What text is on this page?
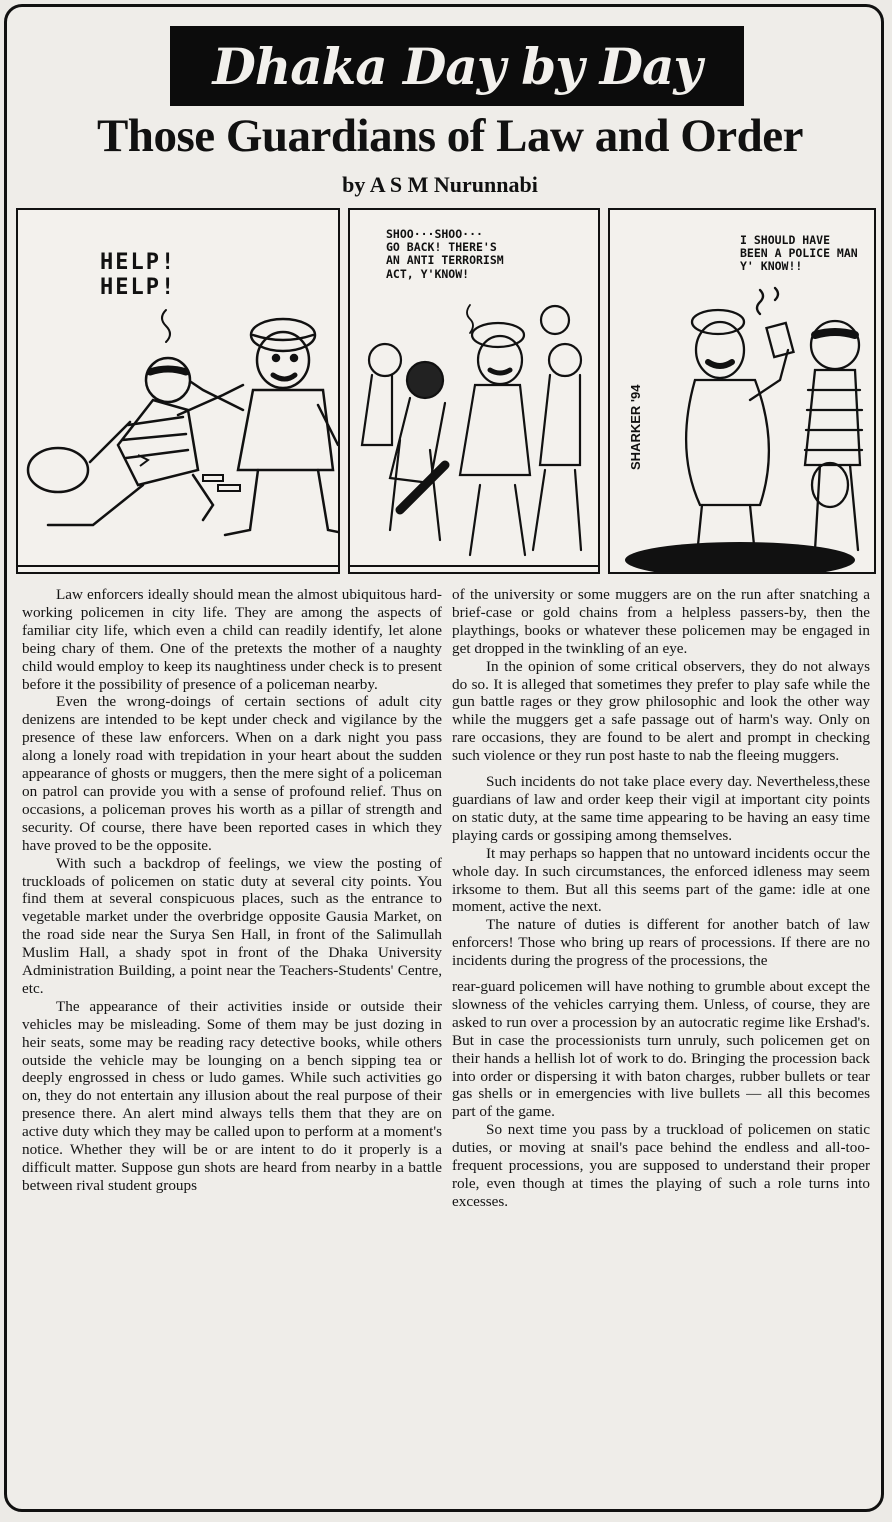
Dhaka Day by Day
Those Guardians of Law and Order
by A S M Nurunnabi
HELP!
HELP!
SHOO···SHOO···
GO BACK! THERE'S
AN ANTI TERRORISM
ACT, Y'KNOW!
SHARKER '94
I SHOULD HAVE
BEEN A POLICE MAN
Y' KNOW!!

Law enforcers ideally should mean the almost ubiquitous hard-working policemen in city life. They are among the aspects of familiar city life, which even a child can readily identify, let alone being chary of them. One of the pretexts the mother of a naughty child would employ to keep its naughtiness under check is to present before it the possibility of presence of a policeman nearby.

Even the wrong-doings of certain sections of adult city denizens are intended to be kept under check and vigilance by the presence of these law enforcers. When on a dark night you pass along a lonely road with trepidation in your heart about the sudden appearance of ghosts or muggers, then the mere sight of a policeman on patrol can provide you with a sense of profound relief. Thus on occasions, a policeman proves his worth as a pillar of strength and security. Of course, there have been reported cases in which they have proved to be the opposite.

With such a backdrop of feelings, we view the posting of truckloads of policemen on static duty at several city points. You find them at several conspicuous places, such as the entrance to vegetable market under the overbridge opposite Gausia Market, on the road side near the Surya Sen Hall, in front of the Salimullah Muslim Hall, a shady spot in front of the Dhaka University Administration Building, a point near the Teachers-Students' Centre, etc.

The appearance of their activities inside or outside their vehicles may be misleading. Some of them may be just dozing in heir seats, some may be reading racy detective books, while others outside the vehicle may be lounging on a bench sipping tea or deeply engrossed in chess or ludo games. While such activities go on, they do not entertain any illusion about the real purpose of their presence there. An alert mind always tells them that they are on active duty which they may be called upon to perform at a moment's notice. Whether they will be or are intent to do it properly is a difficult matter. Suppose gun shots are heard from nearby in a battle between rival student groups

of the university or some muggers are on the run after snatching a brief-case or gold chains from a helpless passers-by, then the playthings, books or whatever these policemen may be engaged in get dropped in the twinkling of an eye.

In the opinion of some critical observers, they do not always do so. It is alleged that sometimes they prefer to play safe while the gun battle rages or they grow philosophic and look the other way while the muggers get a safe passage out of harm's way. Only on rare occasions, they are found to be alert and prompt in checking such violence or they run post haste to nab the fleeing muggers.

Such incidents do not take place every day. Nevertheless,these guardians of law and order keep their vigil at important city points on static duty, at the same time appearing to be having an easy time playing cards or gossiping among themselves.

It may perhaps so happen that no untoward incidents occur the whole day. In such circumstances, the enforced idleness may seem irksome to them. But all this seems part of the game: idle at one moment, active the next.

The nature of duties is different for another batch of law enforcers! Those who bring up rears of processions. If there are no incidents during the progress of the processions, the

rear-guard policemen will have nothing to grumble about except the slowness of the vehicles carrying them. Unless, of course, they are asked to run over a procession by an autocratic regime like Ershad's. But in case the processionists turn unruly, such policemen get on their hands a hellish lot of work to do. Bringing the procession back into order or dispersing it with baton charges, rubber bullets or tear gas shells or in emergencies with live bullets — all this becomes part of the game.

So next time you pass by a truckload of policemen on static duties, or moving at snail's pace behind the endless and all-too-frequent processions, you are supposed to understand their proper role, even though at times the playing of such a role turns into excesses.
